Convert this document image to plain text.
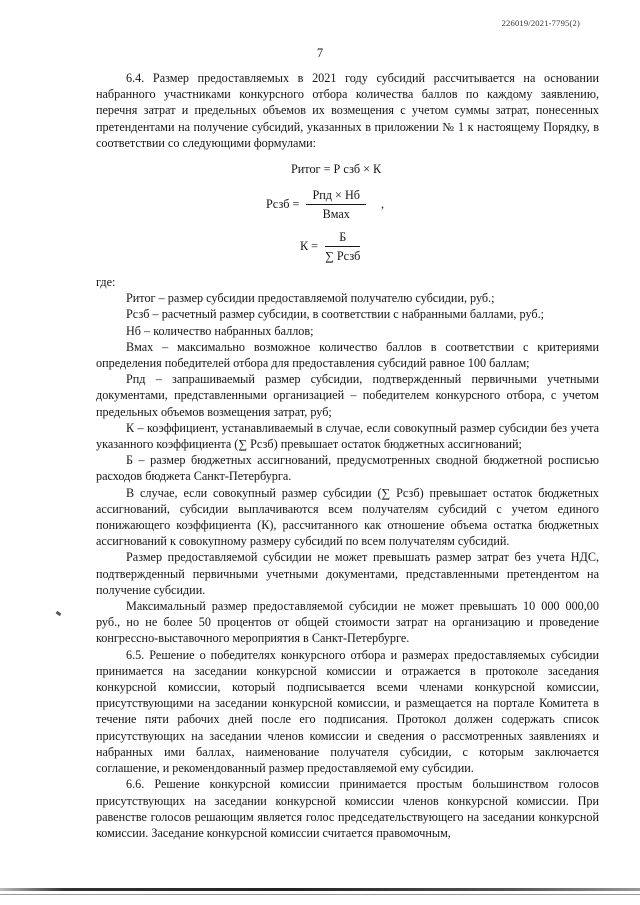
226019/2021-7795(2)
7

6.4. Размер предоставляемых в 2021 году субсидий рассчитывается на основании набранного участниками конкурсного отбора количества баллов по каждому заявлению, перечня затрат и предельных объемов их возмещения с учетом суммы затрат, понесенных претендентами на получение субсидий, указанных в приложении № 1 к настоящему Порядку, в соответствии со следующими формулами:

Ритог = Р сзб × К
Рсзб = $\frac{\text{Рпд × Нб}}{\text{Вмах}}$ ,
$К = \frac{Б}{\text{∑ Рсзб}}$

где:

Ритог – размер субсидии предоставляемой получателю субсидии, руб.;

Рсзб – расчетный размер субсидии, в соответствии с набранными баллами, руб.;

Нб – количество набранных баллов;

Вмах – максимально возможное количество баллов в соответствии с критериями определения победителей отбора для предоставления субсидий равное 100 баллам;

Рпд – запрашиваемый размер субсидии, подтвержденный первичными учетными документами, представленными организацией – победителем конкурсного отбора, с учетом предельных объемов возмещения затрат, руб;

К – коэффициент, устанавливаемый в случае, если совокупный размер субсидии без учета указанного коэффициента (∑ Рсзб) превышает остаток бюджетных ассигнований;

Б – размер бюджетных ассигнований, предусмотренных сводной бюджетной росписью расходов бюджета Санкт-Петербурга.

В случае, если совокупный размер субсидии (∑ Рсзб) превышает остаток бюджетных ассигнований, субсидии выплачиваются всем получателям субсидий с учетом единого понижающего коэффициента (К), рассчитанного как отношение объема остатка бюджетных ассигнований к совокупному размеру субсидий по всем получателям субсидий.

Размер предоставляемой субсидии не может превышать размер затрат без учета НДС, подтвержденный первичными учетными документами, представленными претендентом на получение субсидии.

Максимальный размер предоставляемой субсидии не может превышать 10 000 000,00 руб., но не более 50 процентов от общей стоимости затрат на организацию и проведение конгрессно-выставочного мероприятия в Санкт-Петербурге.

6.5. Решение о победителях конкурсного отбора и размерах предоставляемых субсидии принимается на заседании конкурсной комиссии и отражается в протоколе заседания конкурсной комиссии, который подписывается всеми членами конкурсной комиссии, присутствующими на заседании конкурсной комиссии, и размещается на портале Комитета в течение пяти рабочих дней после его подписания. Протокол должен содержать список присутствующих на заседании членов комиссии и сведения о рассмотренных заявлениях и набранных ими баллах, наименование получателя субсидии, с которым заключается соглашение, и рекомендованный размер предоставляемой ему субсидии.

6.6. Решение конкурсной комиссии принимается простым большинством голосов присутствующих на заседании конкурсной комиссии членов конкурсной комиссии. При равенстве голосов решающим является голос председательствующего на заседании конкурсной комиссии. Заседание конкурсной комиссии считается правомочным,
